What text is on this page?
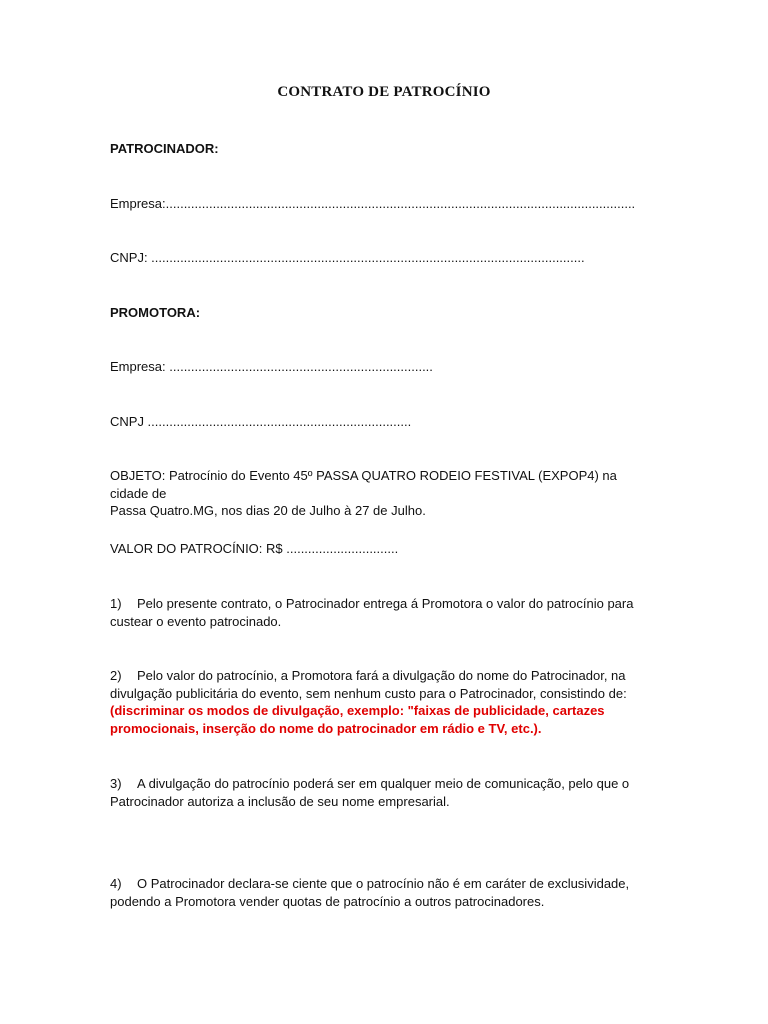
CONTRATO DE PATROCÍNIO
PATROCINADOR:
Empresa:..................................................................................................................................
CNPJ: ........................................................................................................................
PROMOTORA:
Empresa: .........................................................................
CNPJ .........................................................................
OBJETO: Patrocínio do Evento 45º PASSA QUATRO RODEIO FESTIVAL (EXPOP4) na cidade de
Passa Quatro.MG, nos dias 20 de Julho à 27 de Julho.
VALOR DO PATROCÍNIO: R$ ...............................
1) Pelo presente contrato, o Patrocinador entrega á Promotora o valor do patrocínio para
custear o evento patrocinado.
2) Pelo valor do patrocínio, a Promotora fará a divulgação do nome do Patrocinador, na
divulgação publicitária do evento, sem nenhum custo para o Patrocinador, consistindo de:
(discriminar os modos de divulgação, exemplo: "faixas de publicidade, cartazes
promocionais, inserção do nome do patrocinador em rádio e TV, etc.).
3) A divulgação do patrocínio poderá ser em qualquer meio de comunicação, pelo que o
Patrocinador autoriza a inclusão de seu nome empresarial.
4) O Patrocinador declara-se ciente que o patrocínio não é em caráter de exclusividade,
podendo a Promotora vender quotas de patrocínio a outros patrocinadores.
